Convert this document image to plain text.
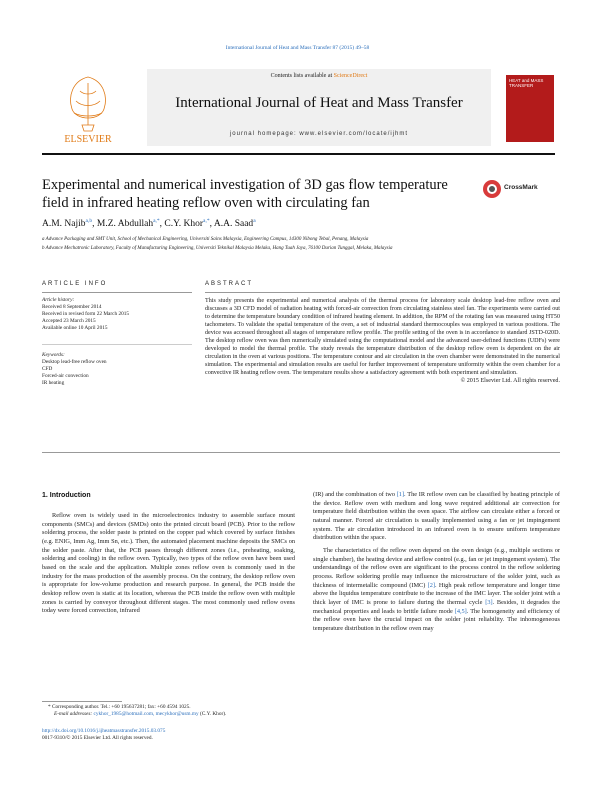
International Journal of Heat and Mass Transfer 87 (2015) 49–58
ELSEVIER
Contents lists available at ScienceDirect
International Journal of Heat and Mass Transfer
journal homepage: www.elsevier.com/locate/ijhmt
HEAT and MASS TRANSFER
Experimental and numerical investigation of 3D gas flow temperature
field in infrared heating reflow oven with circulating fan
CrossMark
A.M. Najib$^{a,b}$, M.Z. Abdullah$^{a,*}$, C.Y. Khor$^{a,*}$, A.A. Saad$^a$
a Advance Packaging and SMT Unit, School of Mechanical Engineering, Universiti Sains Malaysia, Engineering Campus, 14300 Nibong Tebal, Penang, Malaysia
b Advance Mechatronic Laboratory, Faculty of Manufacturing Engineering, Universiti Teknikal Malaysia Melaka, Hang Tuah Jaya, 76100 Durian Tunggal, Melaka, Malaysia
ARTICLE INFO	ABSTRACT
Article history:
Received 8 September 2014
Received in revised form 22 March 2015
Accepted 23 March 2015
Available online 10 April 2015
Keywords:
Desktop lead-free reflow oven
CFD
Forced-air convection
IR heating
This study presents the experimental and numerical analysis of the thermal process for laboratory scale desktop lead-free reflow oven and discusses a 3D CFD model of radiation heating with forced-air convection from circulating stainless steel fan. The experiments were carried out to determine the temperature boundary condition of infrared heating element. In addition, the RPM of the rotating fan was measured using HT50 tachometers. To validate the spatial temperature of the oven, a set of industrial standard thermocouples was employed in various positions. The device was accessed throughout all stages of temperature reflow profile. The profile setting of the oven is in accordance to standard JSTD-020D. The desktop reflow oven was then numerically simulated using the computational model and the advanced user-defined functions (UDFs) were developed to model the thermal profile. The study reveals the temperature distribution of the desktop reflow oven is dependent on the air circulation in the oven at various positions. The temperature contour and air circulation in the oven chamber were demonstrated in the numerical simulation. The experimental and simulation results are useful for further improvement of temperature uniformity within the oven chamber for a convective IR heating reflow oven. The temperature results show a satisfactory agreement with both experiment and simulation.
© 2015 Elsevier Ltd. All rights reserved.
1. Introduction

Reflow oven is widely used in the microelectronics industry to assemble surface mount components (SMCs) and devices (SMDs) onto the printed circuit board (PCB). Prior to the reflow soldering process, the solder paste is printed on the copper pad which covered by surface finishes (e.g. ENIG, Imm Ag, Imm Sn, etc.). Then, the automated placement machine deposits the SMCs on the solder paste. After that, the PCB passes through different zones (i.e., preheating, soaking, soldering and cooling) in the reflow oven. Typically, two types of the reflow oven have been used based on the scale and the application. Multiple zones reflow oven is commonly used in the industry for the mass production of the assembly process. On the contrary, the desktop reflow oven is appropriate for low-volume production and research purpose. In general, the PCB inside the desktop reflow oven is static at its location, whereas the PCB inside the reflow oven with multiple zones is carried by conveyor throughout different stages. The most commonly used reflow ovens today were forced convection, infrared

(IR) and the combination of two [1]. The IR reflow oven can be classified by heating principle of the device. Reflow oven with medium and long wave required additional air convection for temperature field distribution within the oven space. The airflow can circulate either a forced or natural manner. Forced air circulation is usually implemented using a fan or jet impingement system. The air circulation introduced in an infrared oven is to ensure uniform temperature distribution within the space.

The characteristics of the reflow oven depend on the oven design (e.g., multiple sections or single chamber), the heating device and airflow control (e.g., fan or jet impingement system). The understandings of the reflow oven are significant to the process control in the reflow soldering process. Reflow soldering profile may influence the microstructure of the solder joint, such as thickness of intermetallic compound (IMC) [2]. High peak reflow temperature and longer time above the liquidus temperature contribute to the increase of the IMC layer. The solder joint with a thick layer of IMC is prone to failure during the thermal cycle [3]. Besides, it degrades the mechanical properties and leads to brittle failure mode [4,5]. The homogeneity and efficiency of the reflow oven have the crucial impact on the solder joint reliability. The inhomogeneous temperature distribution in the reflow oven may

* Corresponding author. Tel.: +60 195637281; fax: +60 4594 1025.
E-mail addresses: cykhor_1985@hotmail.com, mecykhor@usm.my (C.Y. Khor).
http://dx.doi.org/10.1016/j.ijheatmasstransfer.2015.03.075
0017-9310/© 2015 Elsevier Ltd. All rights reserved.
